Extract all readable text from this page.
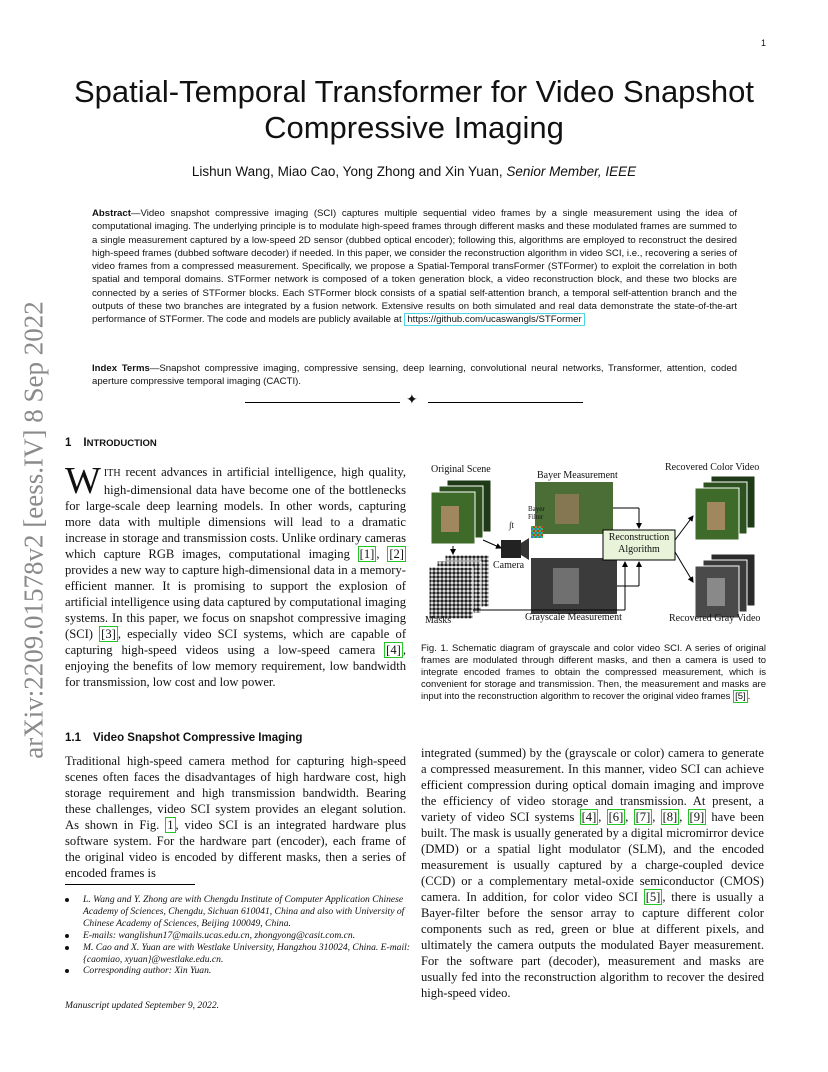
1
arXiv:2209.01578v2 [eess.IV] 8 Sep 2022
Spatial-Temporal Transformer for Video Snapshot Compressive Imaging
Lishun Wang, Miao Cao, Yong Zhong and Xin Yuan, Senior Member, IEEE

Abstract—Video snapshot compressive imaging (SCI) captures multiple sequential video frames by a single measurement using the idea of computational imaging. The underlying principle is to modulate high-speed frames through different masks and these modulated frames are summed to a single measurement captured by a low-speed 2D sensor (dubbed optical encoder); following this, algorithms are employed to reconstruct the desired high-speed frames (dubbed software decoder) if needed. In this paper, we consider the reconstruction algorithm in video SCI, i.e., recovering a series of video frames from a compressed measurement. Specifically, we propose a Spatial-Temporal transFormer (STFormer) to exploit the correlation in both spatial and temporal domains. STFormer network is composed of a token generation block, a video reconstruction block, and these two blocks are connected by a series of STFormer blocks. Each STFormer block consists of a spatial self-attention branch, a temporal self-attention branch and the outputs of these two branches are integrated by a fusion network. Extensive results on both simulated and real data demonstrate the state-of-the-art performance of STFormer. The code and models are publicly available at https://github.com/ucaswangls/STFormer

Index Terms—Snapshot compressive imaging, compressive sensing, deep learning, convolutional neural networks, Transformer, attention, coded aperture compressive temporal imaging (CACTI).

✦
1 INTRODUCTION

WITH recent advances in artificial intelligence, high quality, high-dimensional data have become one of the bottlenecks for large-scale deep learning models. In other words, capturing more data with multiple dimensions will lead to a dramatic increase in storage and transmission costs. Unlike ordinary cameras which capture RGB images, computational imaging [1] , [2] provides a new way to capture high-dimensional data in a memory-efficient manner. It is promising to support the explosion of artificial intelligence using data captured by computational imaging systems. In this paper, we focus on snapshot compressive imaging (SCI) [3] , especially video SCI systems, which are capable of capturing high-speed videos using a low-speed camera [4] , enjoying the benefits of low memory requirement, low bandwidth for transmission, low cost and low power.

1.1 Video Snapshot Compressive Imaging

Traditional high-speed camera method for capturing high-speed scenes often faces the disadvantages of high hardware cost, high storage requirement and high transmission bandwidth. Bearing these challenges, video SCI system provides an elegant solution. As shown in Fig. 1 , video SCI is an integrated hardware plus software system. For the hardware part (encoder), each frame of the original video is encoded by different masks, then a series of encoded frames is

L. Wang and Y. Zhong are with Chengdu Institute of Computer Application Chinese Academy of Sciences, Chengdu, Sichuan 610041, China and also with University of Chinese Academy of Sciences, Beijing 100049, China.
E-mails: wanglishun17@mails.ucas.edu.cn, zhongyong@casit.com.cn.
M. Cao and X. Yuan are with Westlake University, Hangzhou 310024, China. E-mail: {caomiao, xyuan}@westlake.edu.cn.
Corresponding author: Xin Yuan.
Manuscript updated September 9, 2022.
Original Scene
Bayer Measurement
Recovered Color Video
Bayer
Filter
∫t
Reconstruction
Algorithm
Camera
Masks	Grayscale Measurement	Recovered Gray Video

Fig. 1. Schematic diagram of grayscale and color video SCI. A series of original frames are modulated through different masks, and then a camera is used to integrate encoded frames to obtain the compressed measurement, which is convenient for storage and transmission. Then, the measurement and masks are input into the reconstruction algorithm to recover the original video frames [5] .

integrated (summed) by the (grayscale or color) camera to generate a compressed measurement. In this manner, video SCI can achieve efficient compression during optical domain imaging and improve the efficiency of video storage and transmission. At present, a variety of video SCI systems [4] , [6] , [7] , [8] , [9] have been built. The mask is usually generated by a digital micromirror device (DMD) or a spatial light modulator (SLM), and the encoded measurement is usually captured by a charge-coupled device (CCD) or a complementary metal-oxide semiconductor (CMOS) camera. In addition, for color video SCI [5] , there is usually a Bayer-filter before the sensor array to capture different color components such as red, green or blue at different pixels, and ultimately the camera outputs the modulated Bayer measurement. For the software part (decoder), measurement and masks are usually fed into the reconstruction algorithm to recover the desired high-speed video.
